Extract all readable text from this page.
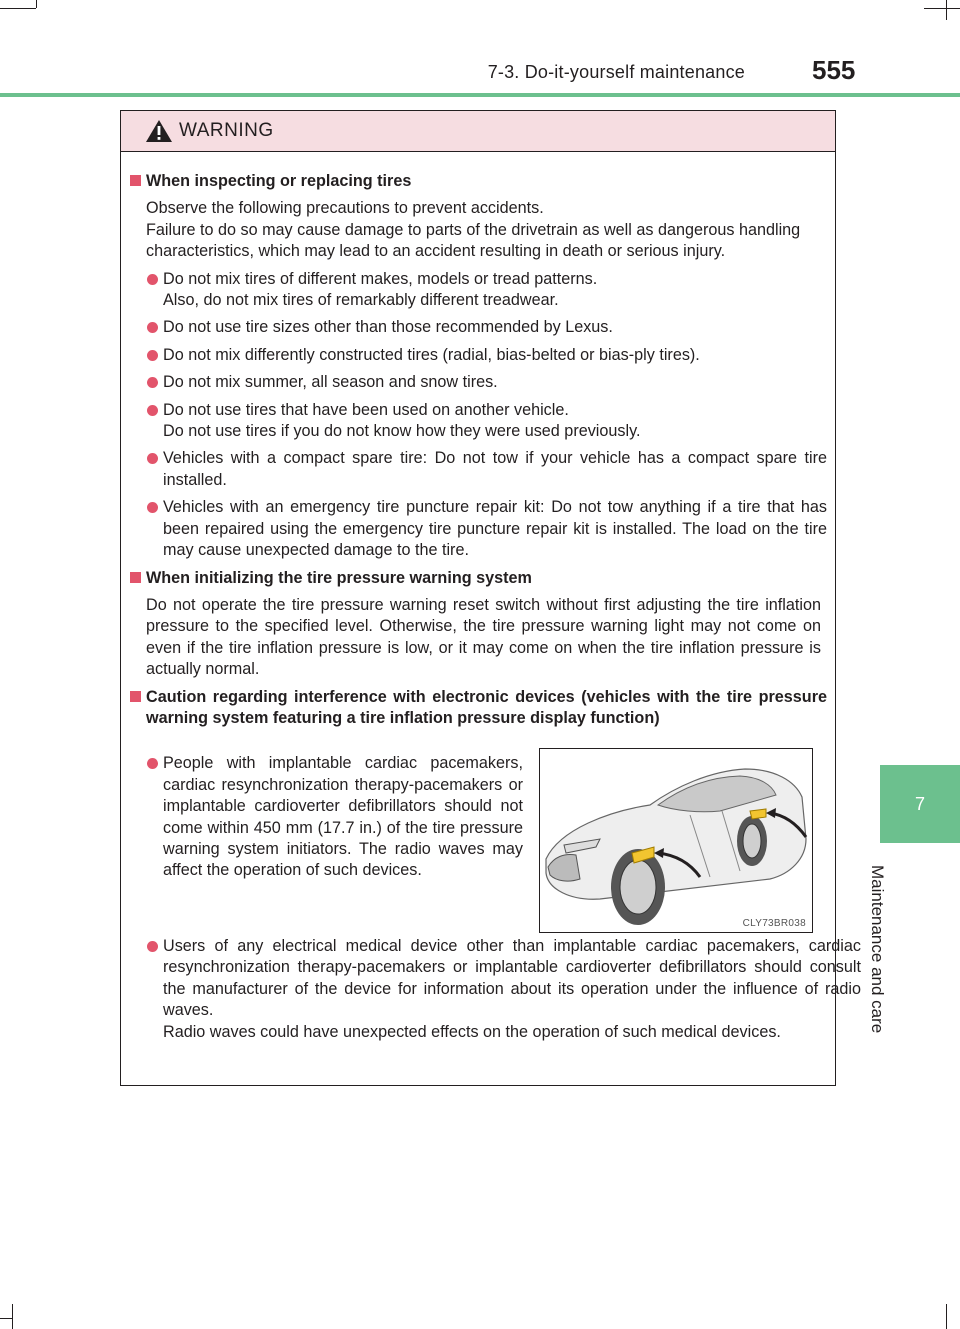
7-3. Do-it-yourself maintenance	555
7
Maintenance and care
WARNING
When inspecting or replacing tires
Observe the following precautions to prevent accidents.
Failure to do so may cause damage to parts of the drivetrain as well as dangerous handling characteristics, which may lead to an accident resulting in death or serious injury.
Do not mix tires of different makes, models or tread patterns.
Also, do not mix tires of remarkably different treadwear.
Do not use tire sizes other than those recommended by Lexus.
Do not mix differently constructed tires (radial, bias-belted or bias-ply tires).
Do not mix summer, all season and snow tires.
Do not use tires that have been used on another vehicle.
Do not use tires if you do not know how they were used previously.
Vehicles with a compact spare tire: Do not tow if your vehicle has a compact spare tire installed.
Vehicles with an emergency tire puncture repair kit: Do not tow anything if a tire that has been repaired using the emergency tire puncture repair kit is installed. The load on the tire may cause unexpected damage to the tire.
When initializing the tire pressure warning system
Do not operate the tire pressure warning reset switch without first adjusting the tire inflation pressure to the specified level. Otherwise, the tire pressure warning light may not come on even if the tire inflation pressure is low, or it may come on when the tire inflation pressure is actually normal.
Caution regarding interference with electronic devices (vehicles with the tire pressure warning system featuring a tire inflation pressure display function)
People with implantable cardiac pacemakers, cardiac resynchronization therapy-pacemakers or implantable cardioverter defibrillators should not come within 450 mm (17.7 in.) of the tire pressure warning system initiators. The radio waves may affect the operation of such devices.
CLY73BR038
Users of any electrical medical device other than implantable cardiac pacemakers, cardiac resynchronization therapy-pacemakers or implantable cardioverter defibrillators should consult the manufacturer of the device for information about its operation under the influence of radio waves.
Radio waves could have unexpected effects on the operation of such medical devices.
